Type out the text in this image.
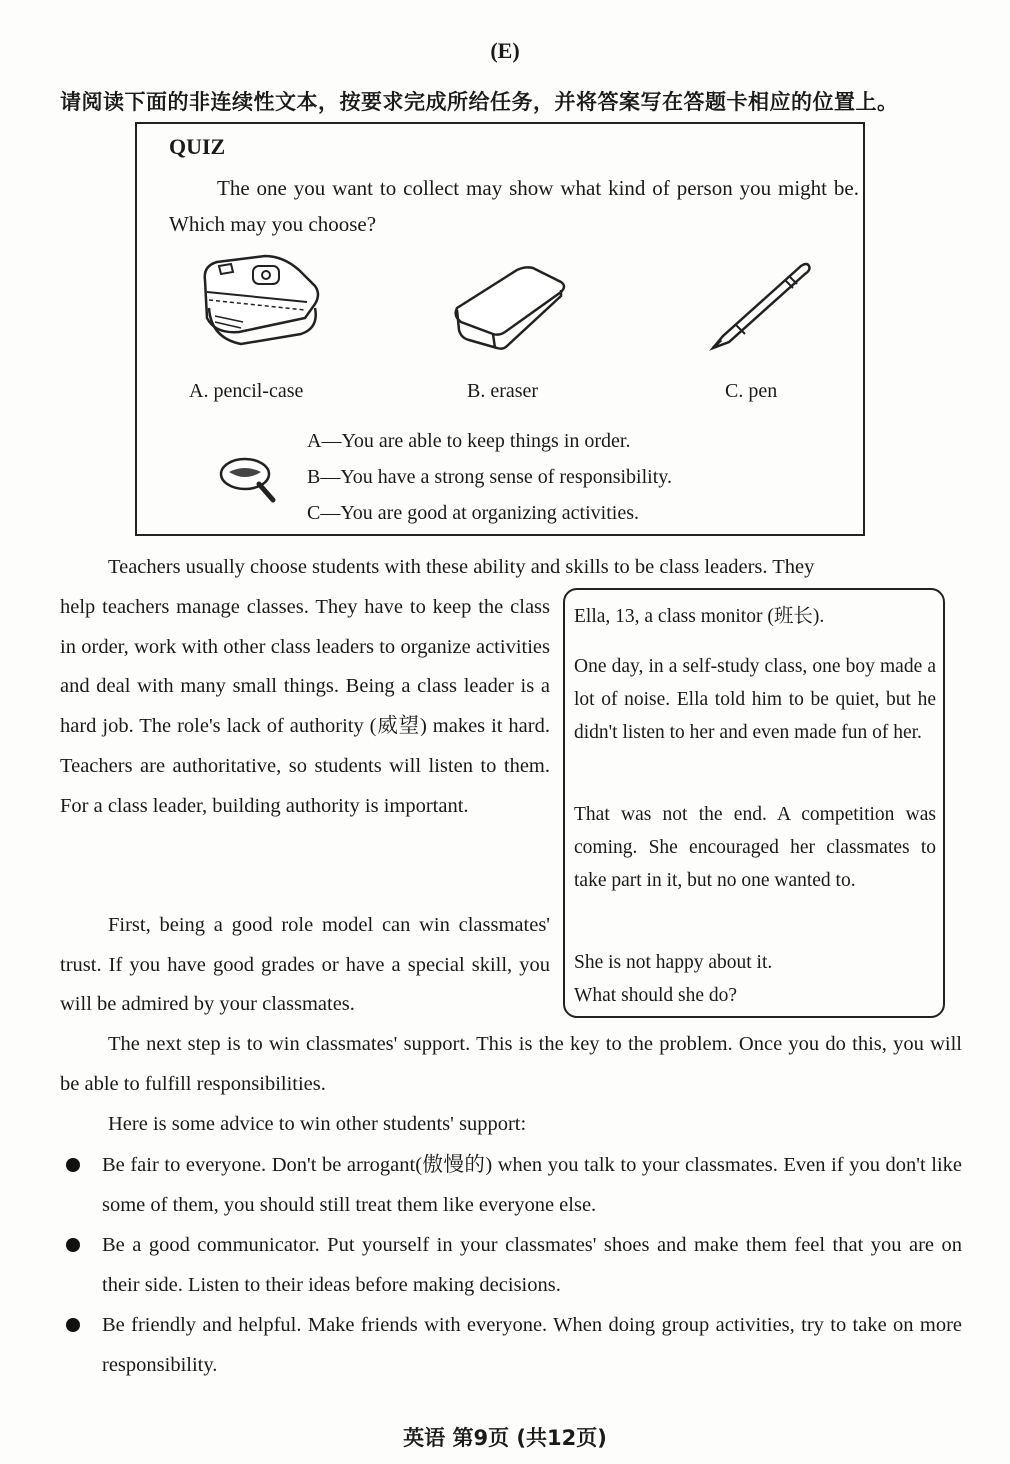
(E)
请阅读下面的非连续性文本，按要求完成所给任务，并将答案写在答题卡相应的位置上。
QUIZ
The one you want to collect may show what kind of person you might be. Which may you choose?
A. pencil-case	B. eraser	C. pen
A—You are able to keep things in order.
B—You have a strong sense of responsibility.
C—You are good at organizing activities.
Teachers usually choose students with these ability and skills to be class leaders. They
help teachers manage classes. They have to keep the class in order, work with other class leaders to organize activities and deal with many small things. Being a class leader is a hard job. The role's lack of authority (威望) makes it hard. Teachers are authoritative, so students will listen to them. For a class leader, building authority is important.
First, being a good role model can win classmates' trust. If you have good grades or have a special skill, you will be admired by your classmates.
Ella, 13, a class monitor (班长).
One day, in a self-study class, one boy made a lot of noise. Ella told him to be quiet, but he didn't listen to her and even made fun of her.
That was not the end. A competition was coming. She encouraged her classmates to take part in it, but no one wanted to.
She is not happy about it.
What should she do?
The next step is to win classmates' support. This is the key to the problem. Once you do this, you will be able to fulfill responsibilities.
Here is some advice to win other students' support:
Be fair to everyone. Don't be arrogant(傲慢的) when you talk to your classmates. Even if you don't like some of them, you should still treat them like everyone else.
Be a good communicator. Put yourself in your classmates' shoes and make them feel that you are on their side. Listen to their ideas before making decisions.
Be friendly and helpful. Make friends with everyone. When doing group activities, try to take on more responsibility.
英语 第9页 (共12页)
